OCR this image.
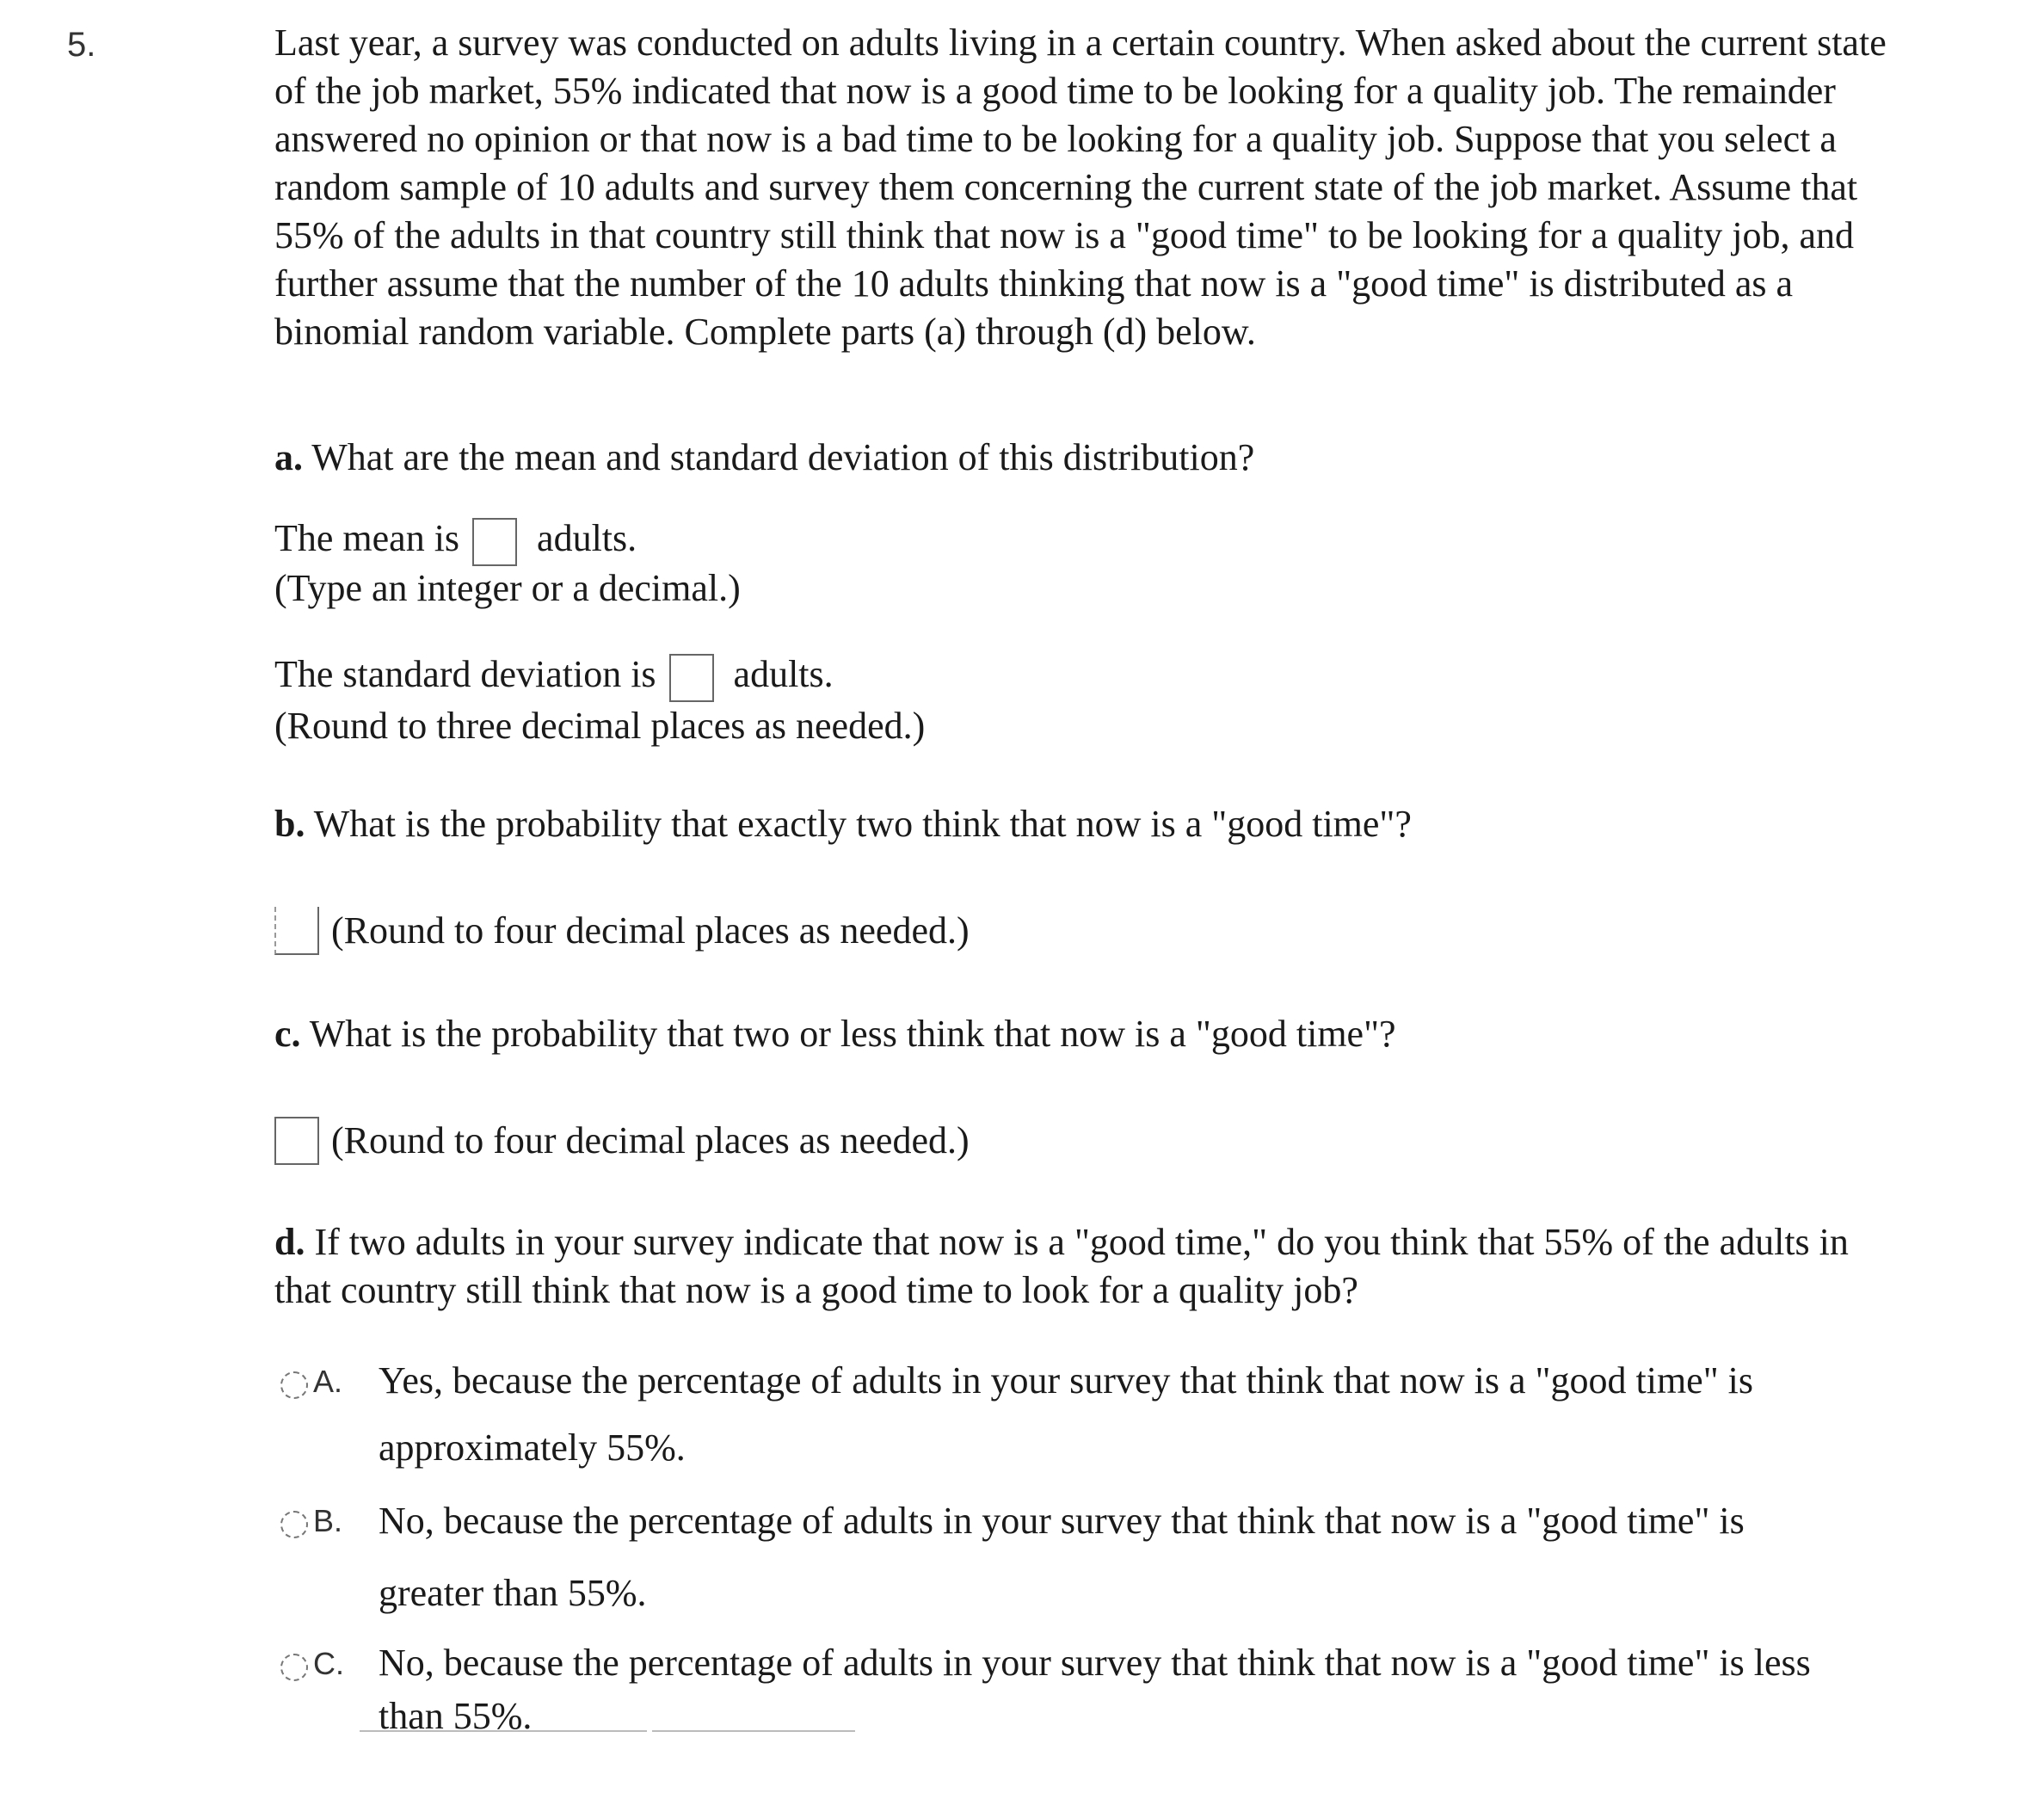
5.	Last year, a survey was conducted on adults living in a certain country. When asked about the current state of the job market, 55% indicated that now is a good time to be looking for a quality job. The remainder answered no opinion or that now is a bad time to be looking for a quality job. Suppose that you select a random sample of 10 adults and survey them concerning the current state of the job market. Assume that 55% of the adults in that country still think that now is a "good time" to be looking for a quality job, and further assume that the number of the 10 adults thinking that now is a "good time" is distributed as a binomial random variable. Complete parts (a) through (d) below.

a. What are the mean and standard deviation of this distribution?
The mean is adults.
(Type an integer or a decimal.)
The standard deviation is adults.
(Round to three decimal places as needed.)
b. What is the probability that exactly two think that now is a "good time"?
(Round to four decimal places as needed.)
c. What is the probability that two or less think that now is a "good time"?
(Round to four decimal places as needed.)
d. If two adults in your survey indicate that now is a "good time," do you think that 55% of the adults in that country still think that now is a good time to look for a quality job?
A. Yes, because the percentage of adults in your survey that think that now is a "good time" is approximately 55%.
B. No, because the percentage of adults in your survey that think that now is a "good time" is greater than 55%.
C. No, because the percentage of adults in your survey that think that now is a "good time" is less than 55%.
